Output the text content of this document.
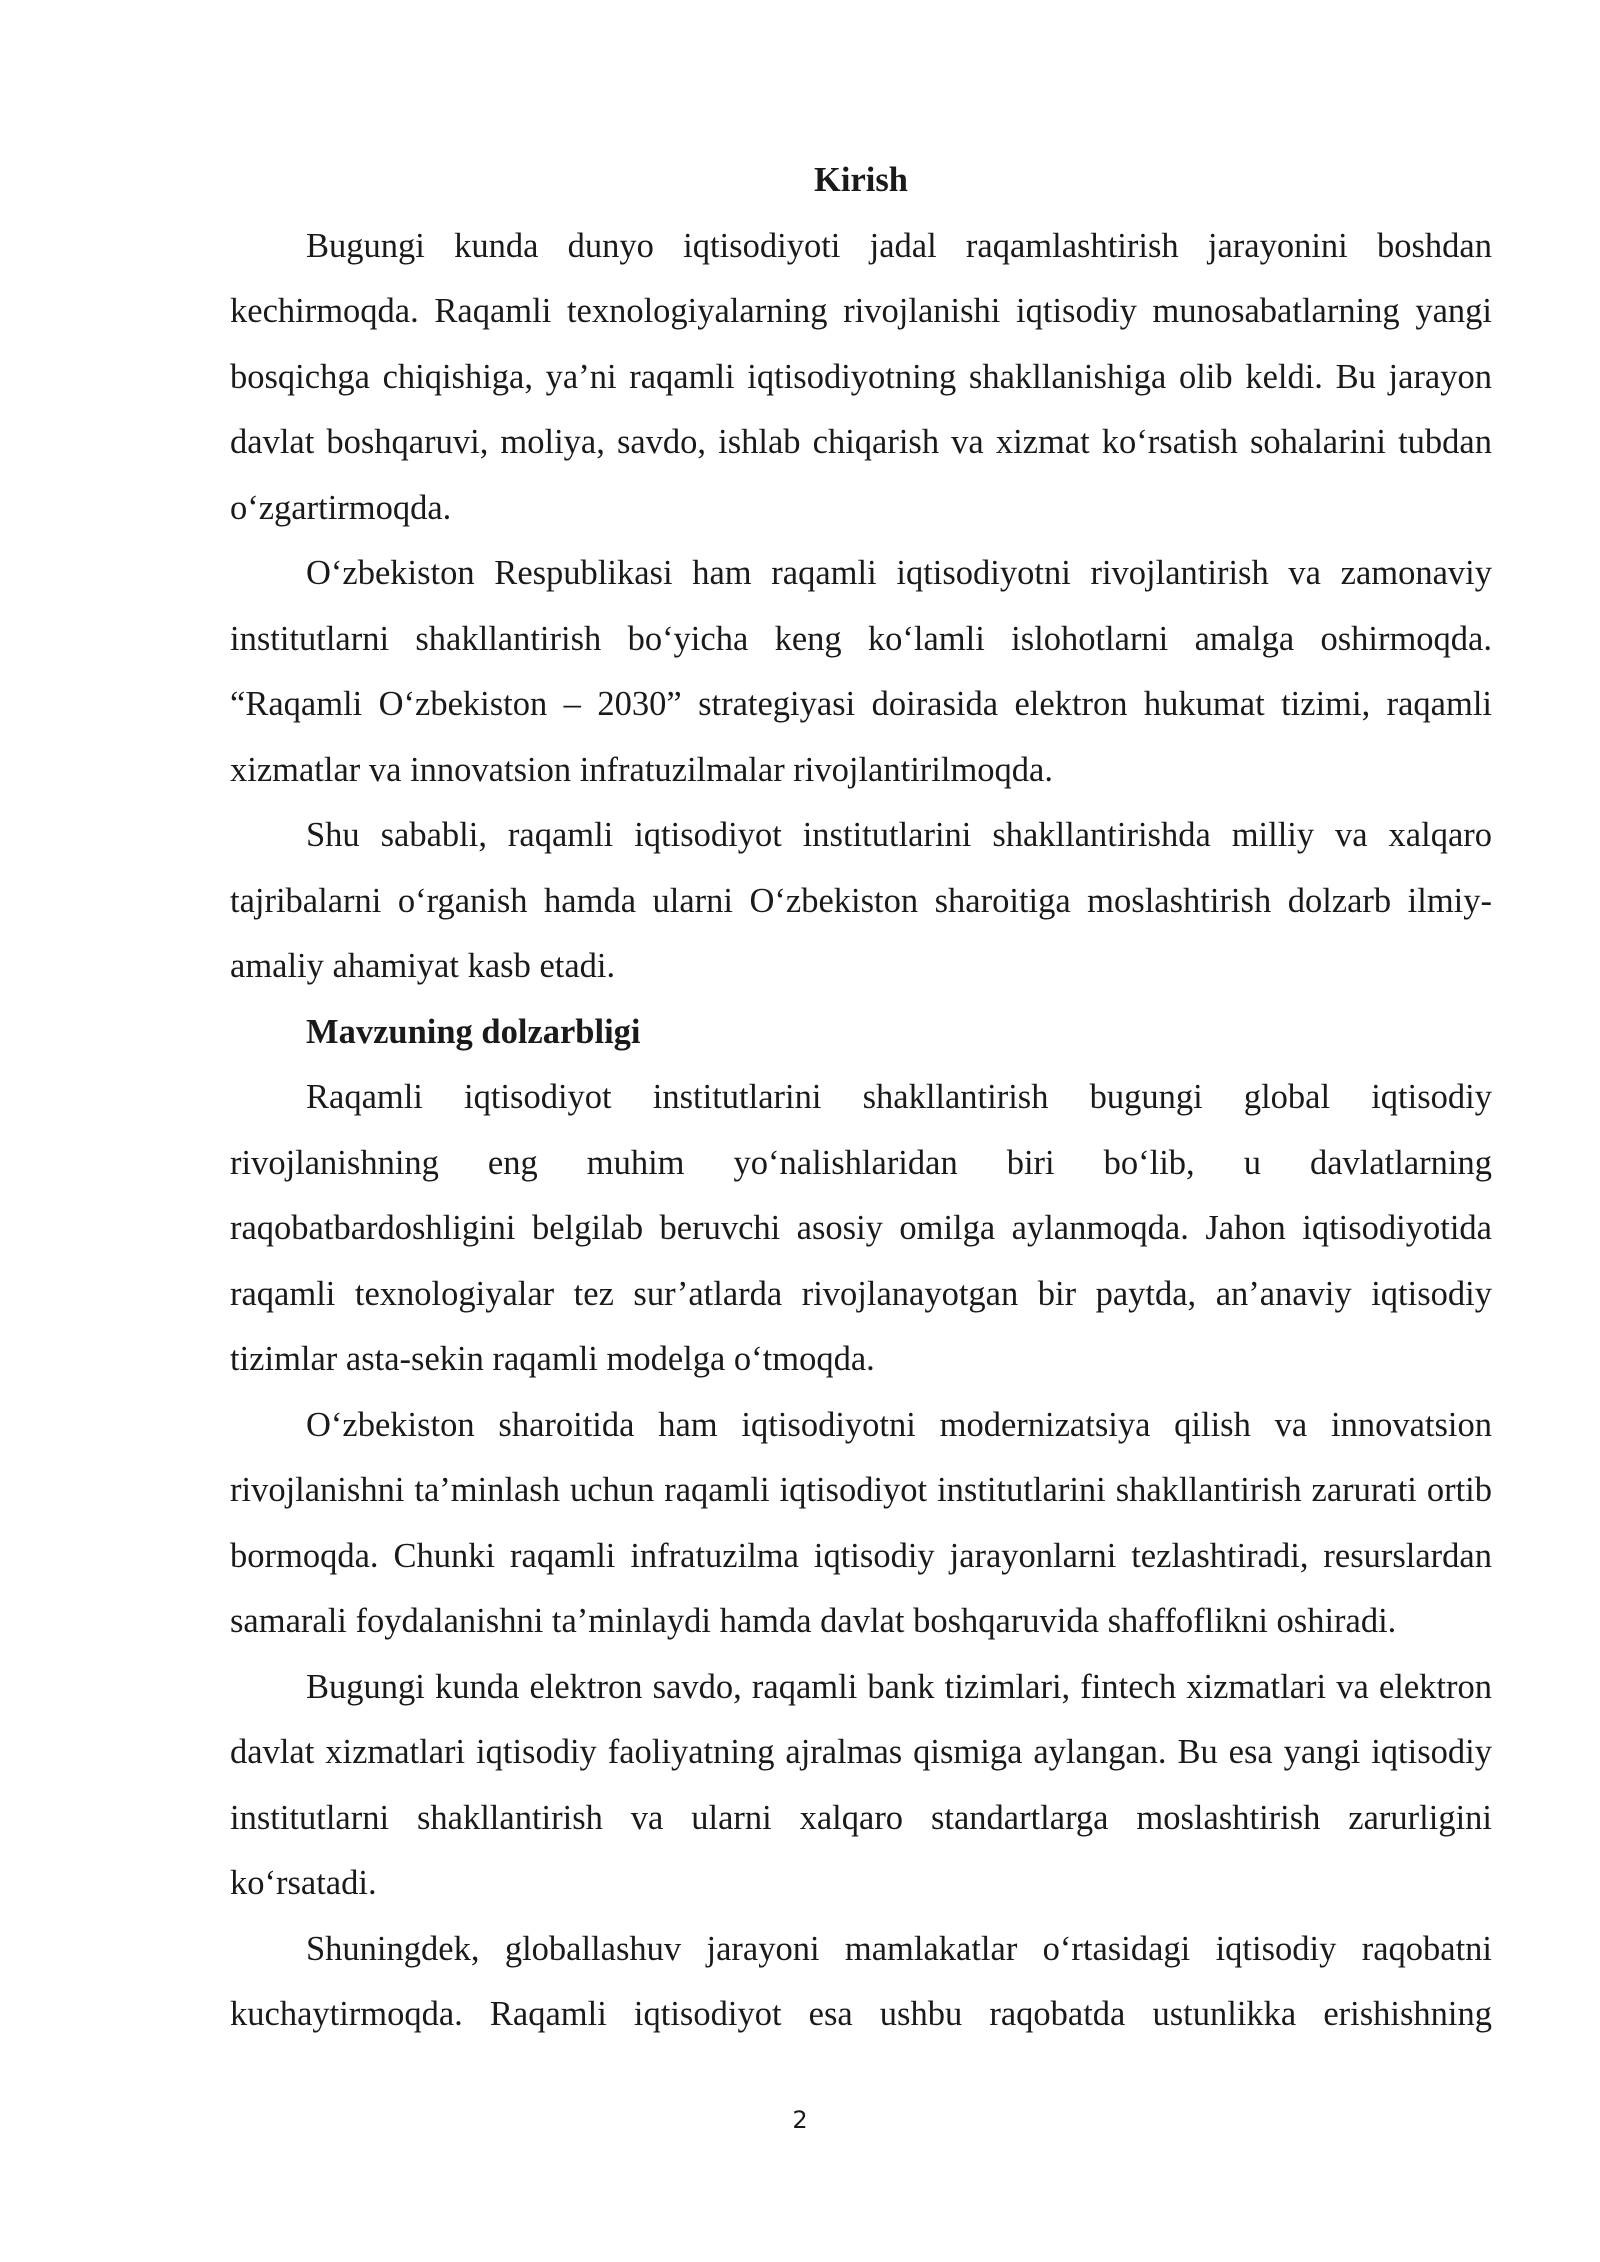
Kirish

Bugungi kunda dunyo iqtisodiyoti jadal raqamlashtirish jarayonini boshdan kechirmoqda. Raqamli texnologiyalarning rivojlanishi iqtisodiy munosabatlarning yangi bosqichga chiqishiga, ya’ni raqamli iqtisodiyotning shakllanishiga olib keldi. Bu jarayon davlat boshqaruvi, moliya, savdo, ishlab chiqarish va xizmat ko‘rsatish sohalarini tubdan o‘zgartirmoqda.

O‘zbekiston Respublikasi ham raqamli iqtisodiyotni rivojlantirish va zamonaviy institutlarni shakllantirish bo‘yicha keng ko‘lamli islohotlarni amalga oshirmoqda. “Raqamli O‘zbekiston – 2030” strategiyasi doirasida elektron hukumat tizimi, raqamli xizmatlar va innovatsion infratuzilmalar rivojlantirilmoqda.

Shu sababli, raqamli iqtisodiyot institutlarini shakllantirishda milliy va xalqaro tajribalarni o‘rganish hamda ularni O‘zbekiston sharoitiga moslashtirish dolzarb ilmiy-amaliy ahamiyat kasb etadi.

Mavzuning dolzarbligi

Raqamli iqtisodiyot institutlarini shakllantirish bugungi global iqtisodiy rivojlanishning eng muhim yo‘nalishlaridan biri bo‘lib, u davlatlarning raqobatbardoshligini belgilab beruvchi asosiy omilga aylanmoqda. Jahon iqtisodiyotida raqamli texnologiyalar tez sur’atlarda rivojlanayotgan bir paytda, an’anaviy iqtisodiy tizimlar asta-sekin raqamli modelga o‘tmoqda.

O‘zbekiston sharoitida ham iqtisodiyotni modernizatsiya qilish va innovatsion rivojlanishni ta’minlash uchun raqamli iqtisodiyot institutlarini shakllantirish zarurati ortib bormoqda. Chunki raqamli infratuzilma iqtisodiy jarayonlarni tezlashtiradi, resurslardan samarali foydalanishni ta’minlaydi hamda davlat boshqaruvida shaffoflikni oshiradi.

Bugungi kunda elektron savdo, raqamli bank tizimlari, fintech xizmatlari va elektron davlat xizmatlari iqtisodiy faoliyatning ajralmas qismiga aylangan. Bu esa yangi iqtisodiy institutlarni shakllantirish va ularni xalqaro standartlarga moslashtirish zarurligini ko‘rsatadi.

Shuningdek, globallashuv jarayoni mamlakatlar o‘rtasidagi iqtisodiy raqobatni kuchaytirmoqda. Raqamli iqtisodiyot esa ushbu raqobatda ustunlikka erishishning

2
